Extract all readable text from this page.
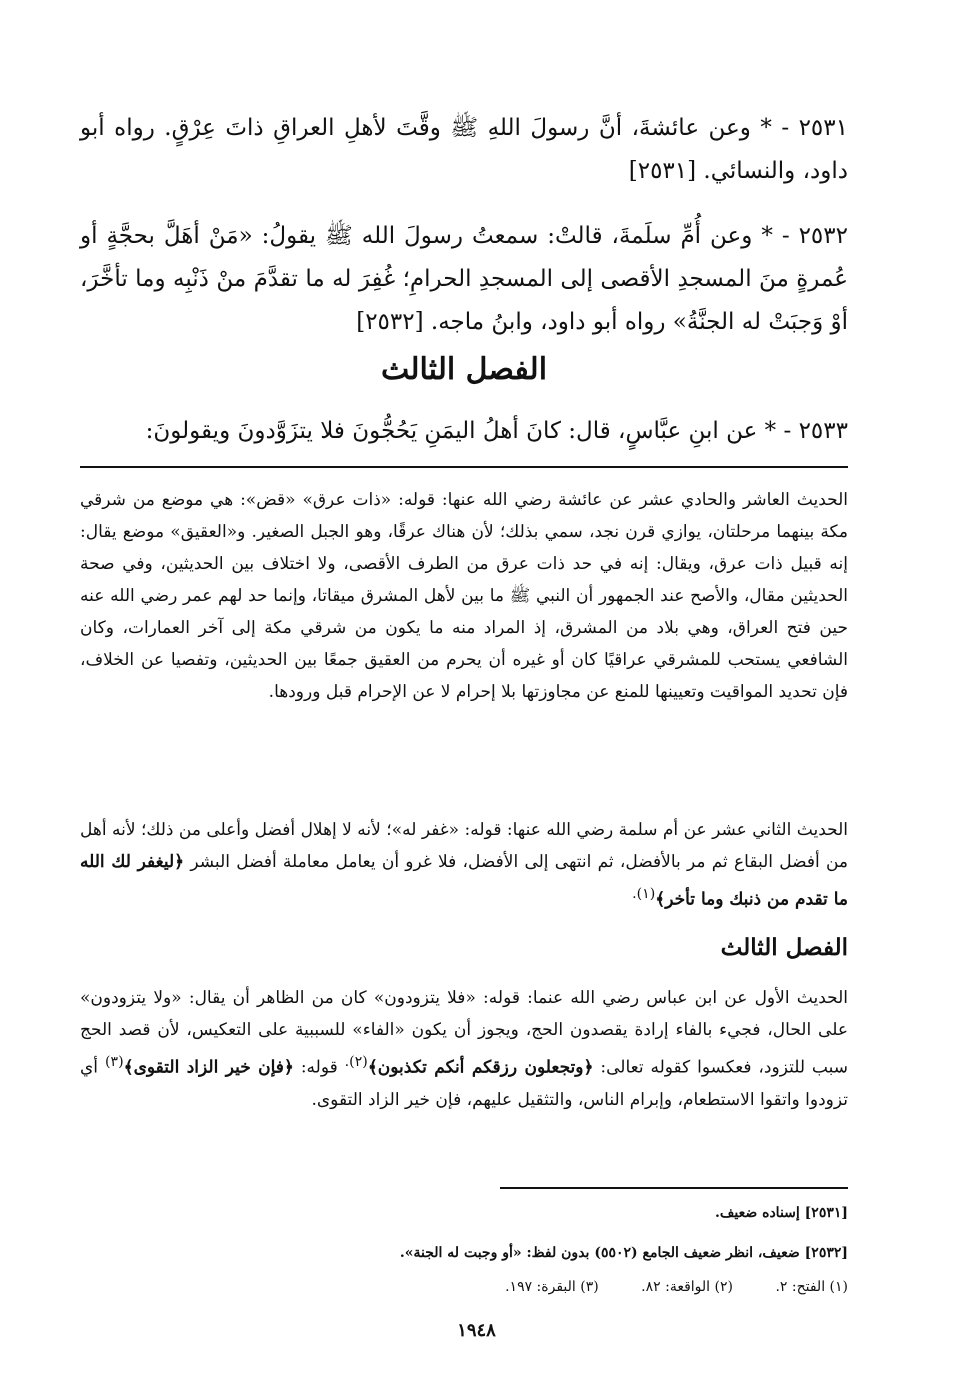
٢٥٣١ - * وعن عائشةَ، أنَّ رسولَ اللهِ ﷺ وقَّتَ لأهلِ العراقِ ذاتَ عِرْقٍ. رواه أبو داود، والنسائي. [٢٥٣١]

٢٥٣٢ - * وعن أُمِّ سلَمةَ، قالتْ: سمعتُ رسولَ الله ﷺ يقولُ: «مَنْ أهَلَّ بحجَّةٍ أو عُمرةٍ منَ المسجدِ الأقصى إلى المسجدِ الحرامِ؛ غُفِرَ له ما تقدَّمَ منْ ذَنْبِه وما تأخَّرَ، أوْ وَجبَتْ له الجنَّةُ» رواه أبو داود، وابنُ ماجه. [٢٥٣٢]

الفصل الثالث

٢٥٣٣ - * عن ابنِ عبَّاسٍ، قال: كانَ أهلُ اليمَنِ يَحُجُّونَ فلا يتزَوَّدونَ ويقولونَ:

الحديث العاشر والحادي عشر عن عائشة رضي الله عنها: قوله: «ذات عرق» «قض»: هي موضع من شرقي مكة بينهما مرحلتان، يوازي قرن نجد، سمي بذلك؛ لأن هناك عرقًا، وهو الجبل الصغير. و«العقيق» موضع يقال: إنه قبيل ذات عرق، ويقال: إنه في حد ذات عرق من الطرف الأقصى، ولا اختلاف بين الحديثين، وفي صحة الحديثين مقال، والأصح عند الجمهور أن النبي ﷺ ما بين لأهل المشرق ميقاتا، وإنما حد لهم عمر رضي الله عنه حين فتح العراق، وهي بلاد من المشرق، إذ المراد منه ما يكون من شرقي مكة إلى آخر العمارات، وكان الشافعي يستحب للمشرقي عراقيًا كان أو غيره أن يحرم من العقيق جمعًا بين الحديثين، وتفصيا عن الخلاف، فإن تحديد المواقيت وتعيينها للمنع عن مجاوزتها بلا إحرام لا عن الإحرام قبل ورودها.

الحديث الثاني عشر عن أم سلمة رضي الله عنها: قوله: «غفر له»؛ لأنه لا إهلال أفضل وأعلى من ذلك؛ لأنه أهل من أفضل البقاع ثم مر بالأفضل، ثم انتهى إلى الأفضل، فلا غرو أن يعامل معاملة أفضل البشر ﴿ليغفر لك الله ما تقدم من ذنبك وما تأخر﴾$^{(١).}$

الفصل الثالث

الحديث الأول عن ابن عباس رضي الله عنما: قوله: «فلا يتزودون» كان من الظاهر أن يقال: «ولا يتزودون» على الحال، فجيء بالفاء إرادة يقصدون الحج، ويجوز أن يكون «الفاء» للسببية على التعكيس، لأن قصد الحج سبب للتزود، فعكسوا كقوله تعالى: ﴿وتجعلون رزقكم أنكم تكذبون﴾$^{(٢).}$ قوله: ﴿فإن خير الزاد التقوى﴾$^{(٣)}$ أي تزودوا واتقوا الاستطعام، وإبرام الناس، والتثقيل عليهم، فإن خير الزاد التقوى.

[٢٥٣١] إسناده ضعيف.
[٢٥٣٢] ضعيف، انظر ضعيف الجامع (٥٥٠٢) بدون لفظ: «أو وجبت له الجنة».
(١) الفتح: ٢. (٢) الواقعة: ٨٢. (٣) البقرة: ١٩٧.
١٩٤٨
